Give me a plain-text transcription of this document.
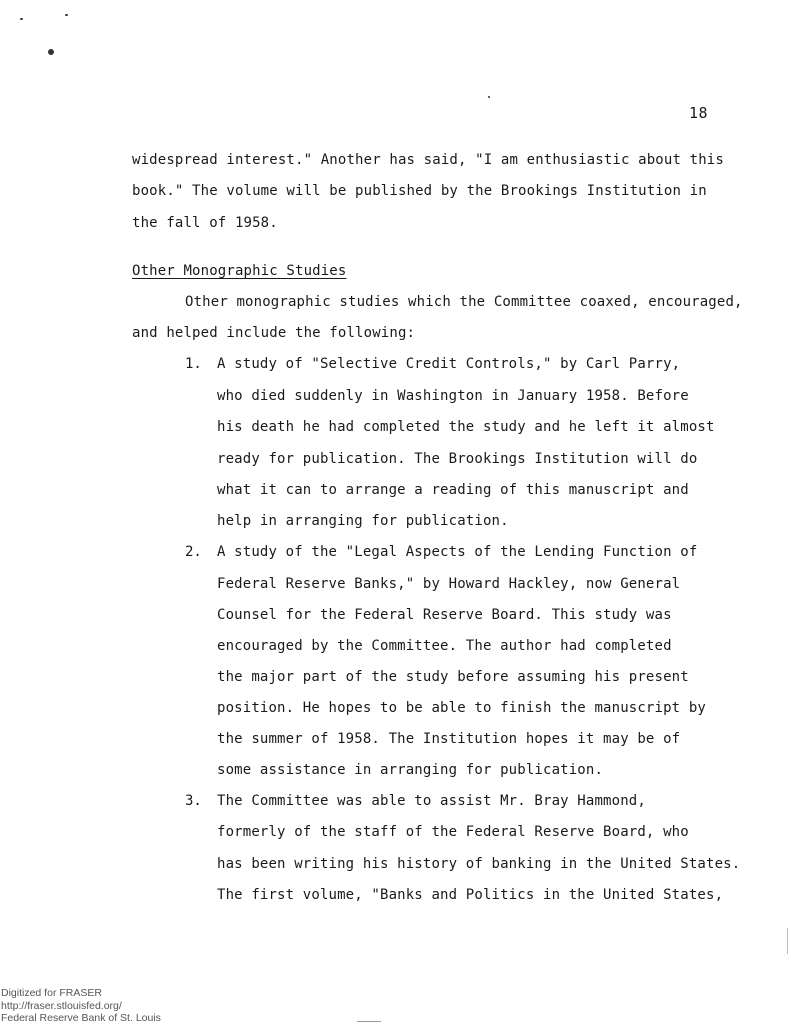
18
widespread interest." Another has said, "I am enthusiastic about this
book." The volume will be published by the Brookings Institution in
the fall of 1958.
Other Monographic Studies
Other monographic studies which the Committee coaxed, encouraged,
and helped include the following:
1. A study of "Selective Credit Controls," by Carl Parry,
who died suddenly in Washington in January 1958. Before
his death he had completed the study and he left it almost
ready for publication. The Brookings Institution will do
what it can to arrange a reading of this manuscript and
help in arranging for publication.
2. A study of the "Legal Aspects of the Lending Function of
Federal Reserve Banks," by Howard Hackley, now General
Counsel for the Federal Reserve Board. This study was
encouraged by the Committee. The author had completed
the major part of the study before assuming his present
position. He hopes to be able to finish the manuscript by
the summer of 1958. The Institution hopes it may be of
some assistance in arranging for publication.
3. The Committee was able to assist Mr. Bray Hammond,
formerly of the staff of the Federal Reserve Board, who
has been writing his history of banking in the United States.
The first volume, "Banks and Politics in the United States,
Digitized for FRASER
http://fraser.stlouisfed.org/
Federal Reserve Bank of St. Louis
